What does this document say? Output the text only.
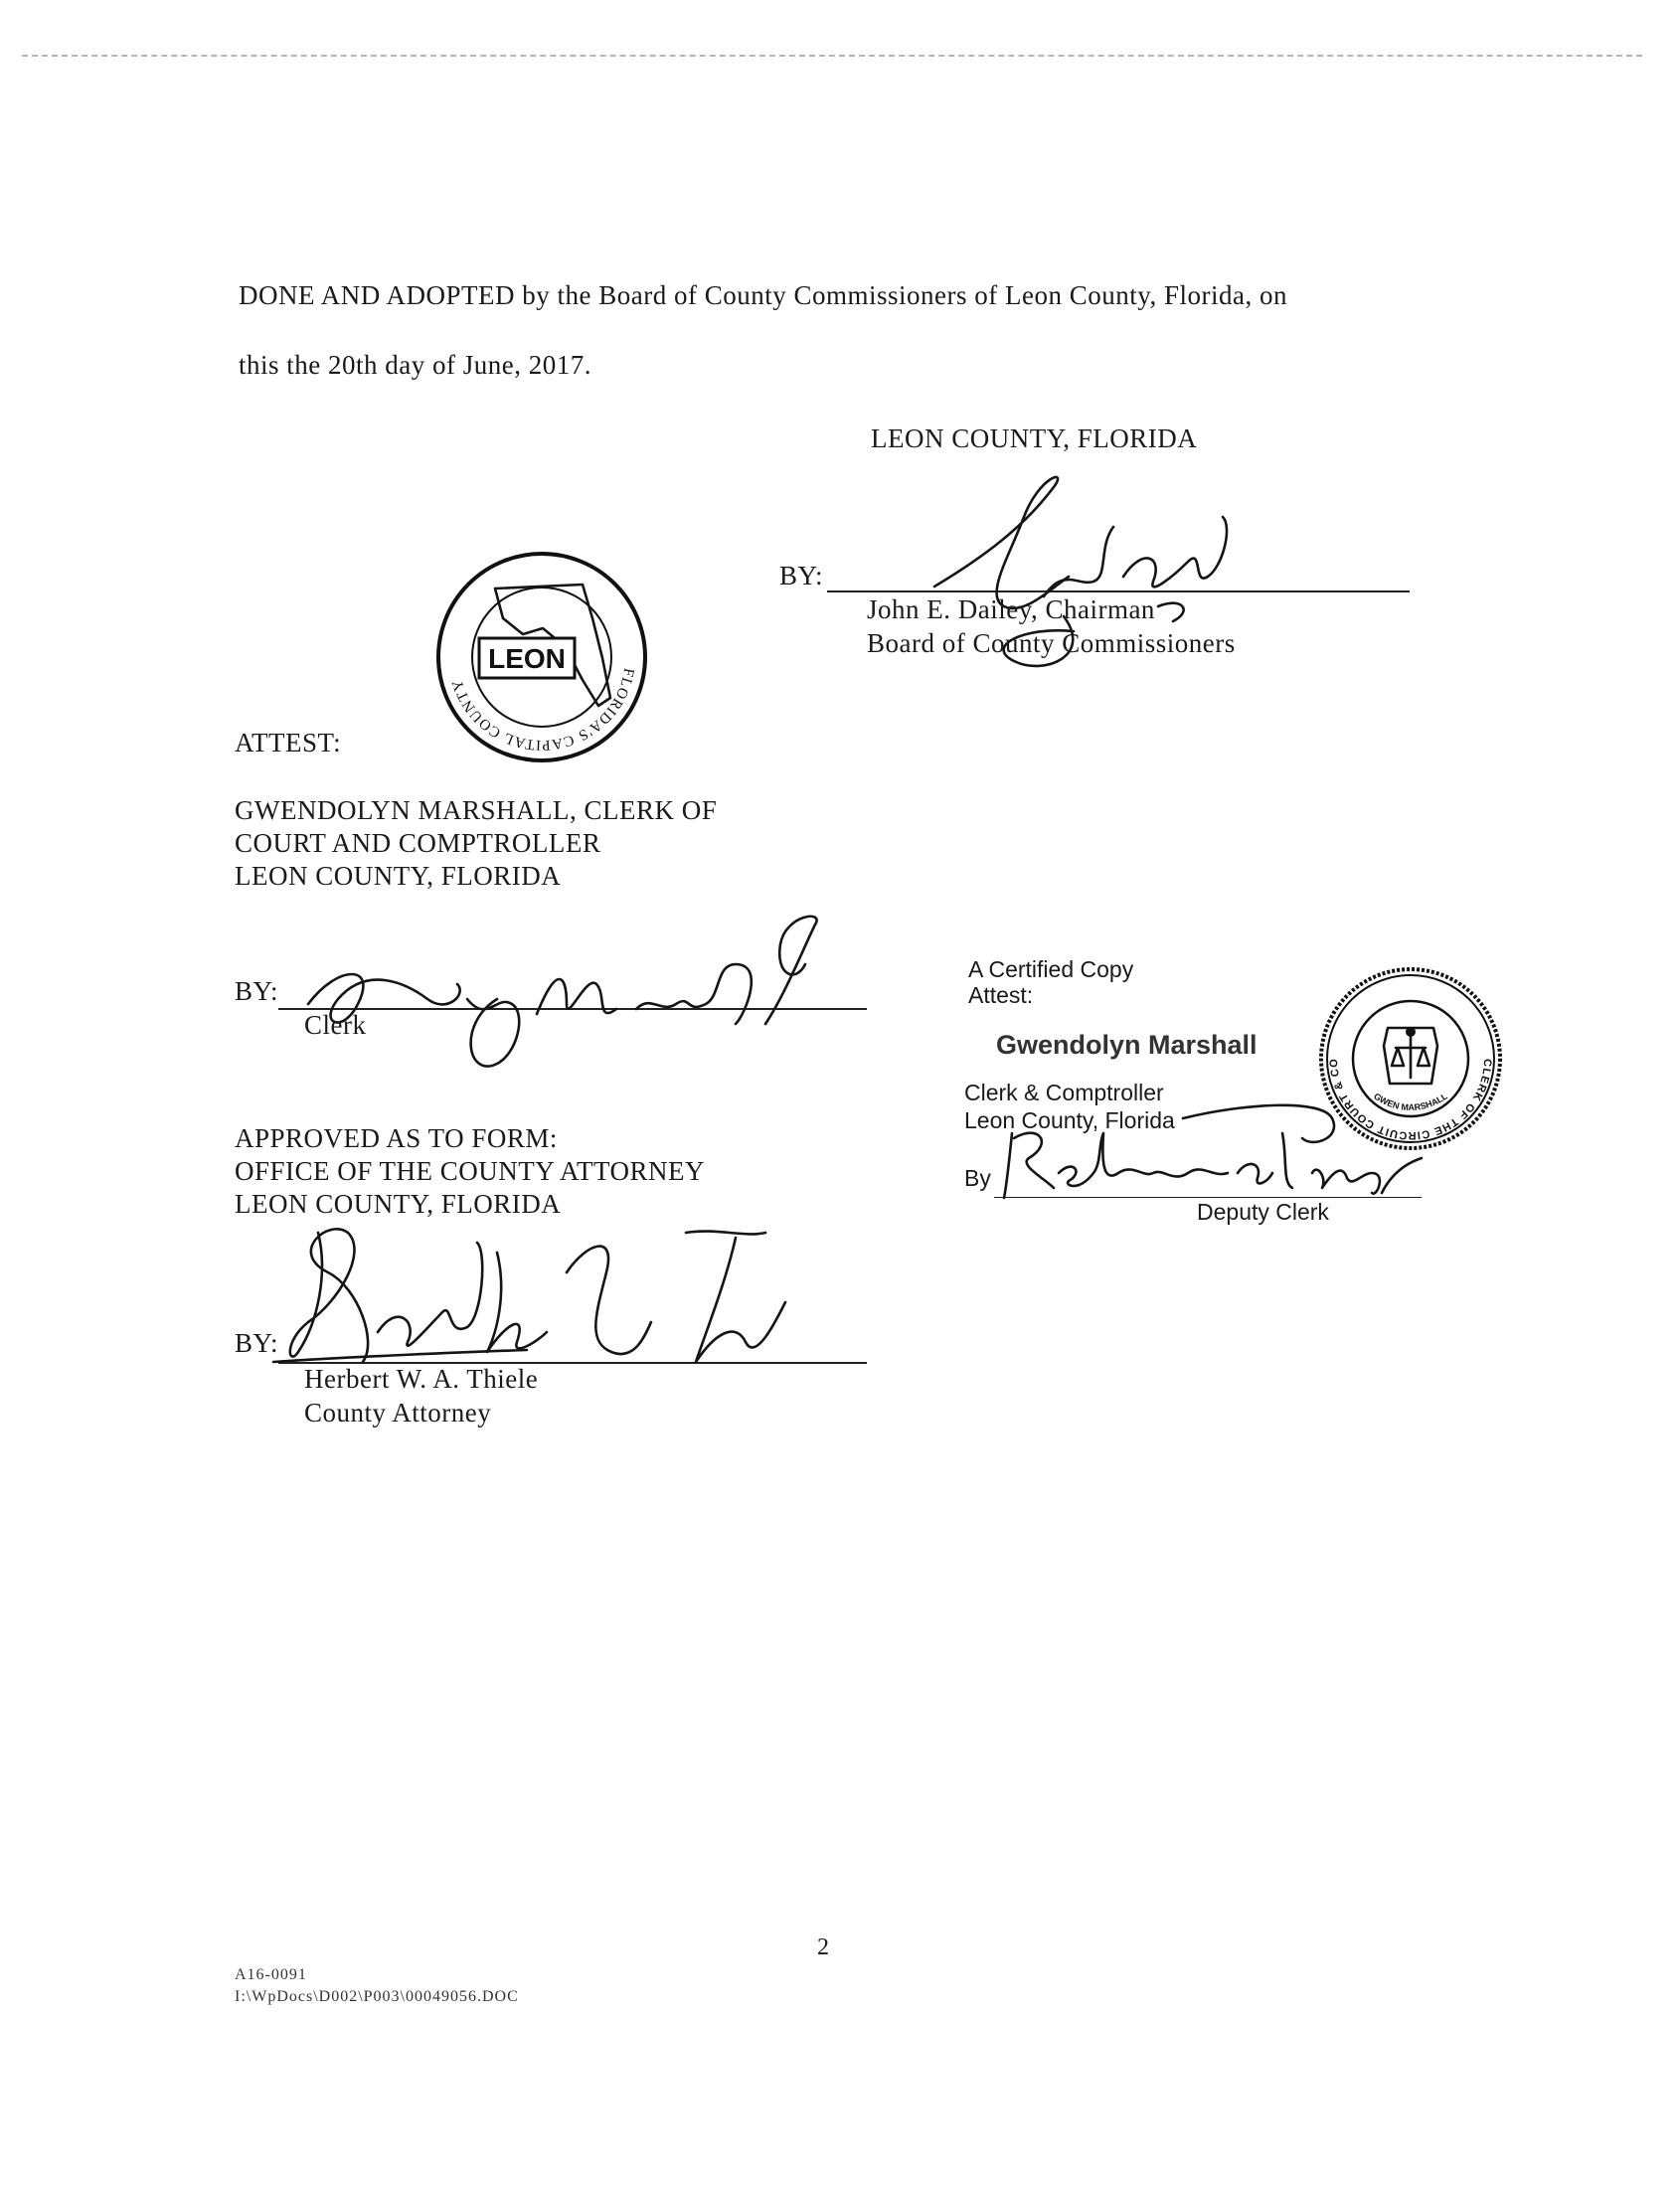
DONE AND ADOPTED by the Board of County Commissioners of Leon County, Florida, on
this the 20th day of June, 2017.
LEON COUNTY, FLORIDA
BY:
John E. Dailey, Chairman
Board of County Commissioners
LEON	FLORIDA'S CAPITAL COUNTY
ATTEST:
GWENDOLYN MARSHALL, CLERK OF
COURT AND COMPTROLLER
LEON COUNTY, FLORIDA
BY:
Clerk
APPROVED AS TO FORM:
OFFICE OF THE COUNTY ATTORNEY
LEON COUNTY, FLORIDA
BY:
Herbert W. A. Thiele
County Attorney
A Certified Copy
Attest:
Gwendolyn Marshall
Clerk & Comptroller
Leon County, Florida
By
Deputy Clerk
CLERK OF THE CIRCUIT COURT & COMPTROLLER
GWEN MARSHALL
2
A16-0091
I:\WpDocs\D002\P003\00049056.DOC
